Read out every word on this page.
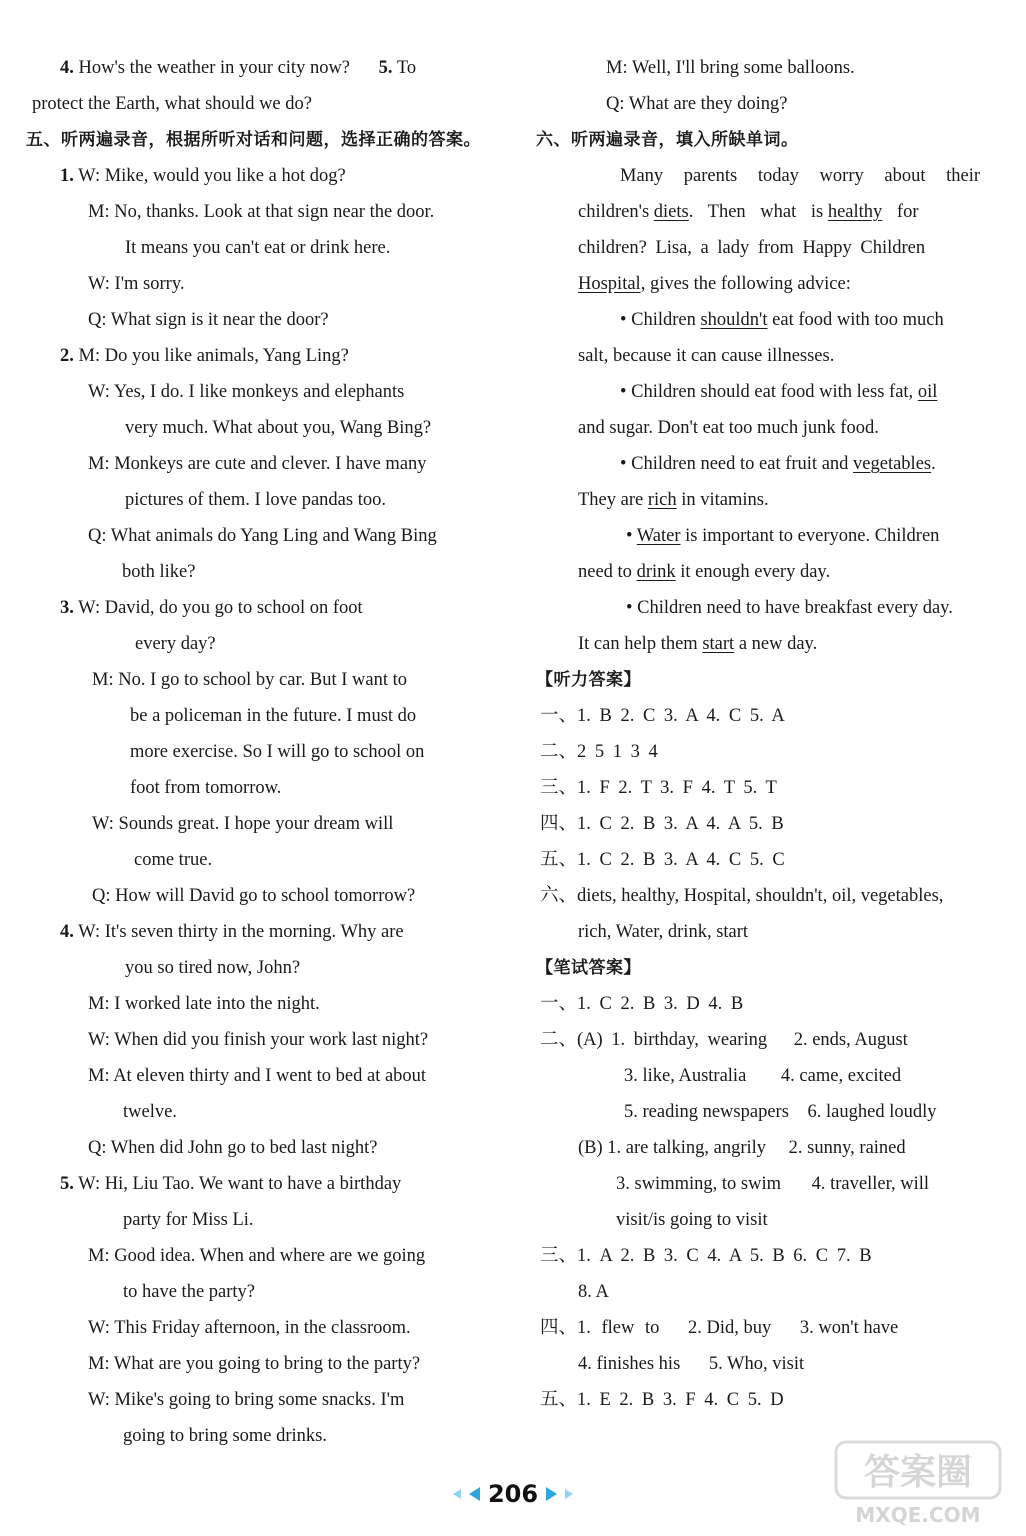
4. How's the weather in your city now? 5. To
protect the Earth, what should we do?
五、听两遍录音，根据所听对话和问题，选择正确的答案。
1. W: Mike, would you like a hot dog?
M: No, thanks. Look at that sign near the door.
It means you can't eat or drink here.
W: I'm sorry.
Q: What sign is it near the door?
2. M: Do you like animals, Yang Ling?
W: Yes, I do. I like monkeys and elephants
very much. What about you, Wang Bing?
M: Monkeys are cute and clever. I have many
pictures of them. I love pandas too.
Q: What animals do Yang Ling and Wang Bing
both like?
3. W: David, do you go to school on foot
every day?
M: No. I go to school by car. But I want to
be a policeman in the future. I must do
more exercise. So I will go to school on
foot from tomorrow.
W: Sounds great. I hope your dream will
come true.
Q: How will David go to school tomorrow?
4. W: It's seven thirty in the morning. Why are
you so tired now, John?
M: I worked late into the night.
W: When did you finish your work last night?
M: At eleven thirty and I went to bed at about
twelve.
Q: When did John go to bed last night?
5. W: Hi, Liu Tao. We want to have a birthday
party for Miss Li.
M: Good idea. When and where are we going
to have the party?
W: This Friday afternoon, in the classroom.
M: What are you going to bring to the party?
W: Mike's going to bring some snacks. I'm
going to bring some drinks.
M: Well, I'll bring some balloons.
Q: What are they doing?
六、听两遍录音，填入所缺单词。
Many parents today worry about their
children's diets. Then what is healthy for
children? Lisa, a lady from Happy Children
Hospital, gives the following advice:
• Children shouldn't eat food with too much
salt, because it can cause illnesses.
• Children should eat food with less fat, oil
and sugar. Don't eat too much junk food.
• Children need to eat fruit and vegetables.
They are rich in vitamins.
• Water is important to everyone. Children
need to drink it enough every day.
• Children need to have breakfast every day.
It can help them start a new day.
【听力答案】
一、1. B 2. C 3. A 4. C 5. A
二、2 5 1 3 4
三、1. F 2. T 3. F 4. T 5. T
四、1. C 2. B 3. A 4. A 5. B
五、1. C 2. B 3. A 4. C 5. C
六、diets, healthy, Hospital, shouldn't, oil, vegetables,
rich, Water, drink, start
【笔试答案】
一、1. C 2. B 3. D 4. B
二、(A) 1. birthday, wearing 2. ends, August
3. like, Australia 4. came, excited
5. reading newspapers 6. laughed loudly
(B) 1. are talking, angrily 2. sunny, rained
3. swimming, to swim 4. traveller, will
visit/is going to visit
三、1. A 2. B 3. C 4. A 5. B 6. C 7. B
8. A
四、1. flew to 2. Did, buy 3. won't have
4. finishes his 5. Who, visit
五、1. E 2. B 3. F 4. C 5. D
206
答案圈
MXQE.COM
